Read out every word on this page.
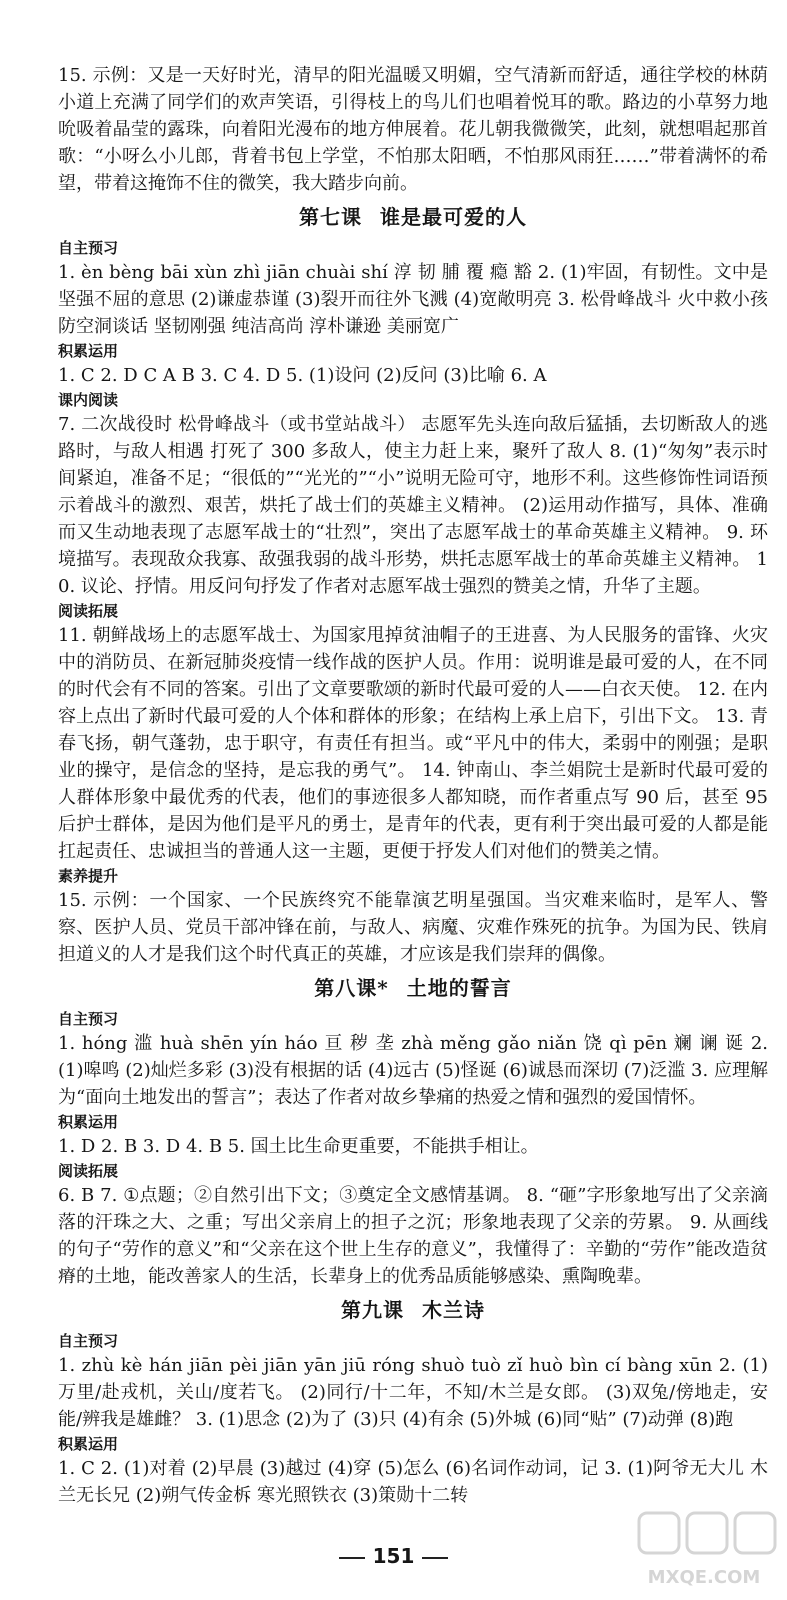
15. 示例：又是一天好时光，清早的阳光温暖又明媚，空气清新而舒适，通往学校的林荫小道上充满了同学们的欢声笑语，引得枝上的鸟儿们也唱着悦耳的歌。路边的小草努力地吮吸着晶莹的露珠，向着阳光漫布的地方伸展着。花儿朝我微微笑，此刻，就想唱起那首歌：“小呀么小儿郎，背着书包上学堂，不怕那太阳晒，不怕那风雨狂……”带着满怀的希望，带着这掩饰不住的微笑，我大踏步向前。

第七课 谁是最可爱的人

自主预习

1. èn bèng bāi xùn zhì jiān chuài shí 淳 韧 脯 覆 瘾 豁 2. (1)牢固，有韧性。文中是坚强不屈的意思 (2)谦虚恭谨 (3)裂开而往外飞溅 (4)宽敞明亮 3. 松骨峰战斗 火中救小孩 防空洞谈话 坚韧刚强 纯洁高尚 淳朴谦逊 美丽宽广

积累运用

1. C 2. D C A B 3. C 4. D 5. (1)设问 (2)反问 (3)比喻 6. A

课内阅读

7. 二次战役时 松骨峰战斗（或书堂站战斗） 志愿军先头连向敌后猛插，去切断敌人的逃路时，与敌人相遇 打死了 300 多敌人，使主力赶上来，聚歼了敌人 8. (1)“匆匆”表示时间紧迫，准备不足；“很低的”“光光的”“小”说明无险可守，地形不利。这些修饰性词语预示着战斗的激烈、艰苦，烘托了战士们的英雄主义精神。 (2)运用动作描写，具体、准确而又生动地表现了志愿军战士的“壮烈”，突出了志愿军战士的革命英雄主义精神。 9. 环境描写。表现敌众我寡、敌强我弱的战斗形势，烘托志愿军战士的革命英雄主义精神。 10. 议论、抒情。用反问句抒发了作者对志愿军战士强烈的赞美之情，升华了主题。

阅读拓展

11. 朝鲜战场上的志愿军战士、为国家甩掉贫油帽子的王进喜、为人民服务的雷锋、火灾中的消防员、在新冠肺炎疫情一线作战的医护人员。作用：说明谁是最可爱的人，在不同的时代会有不同的答案。引出了文章要歌颂的新时代最可爱的人——白衣天使。 12. 在内容上点出了新时代最可爱的人个体和群体的形象；在结构上承上启下，引出下文。 13. 青春飞扬，朝气蓬勃，忠于职守，有责任有担当。或“平凡中的伟大，柔弱中的刚强；是职业的操守，是信念的坚持，是忘我的勇气”。 14. 钟南山、李兰娟院士是新时代最可爱的人群体形象中最优秀的代表，他们的事迹很多人都知晓，而作者重点写 90 后，甚至 95 后护士群体，是因为他们是平凡的勇士，是青年的代表，更有利于突出最可爱的人都是能扛起责任、忠诚担当的普通人这一主题，更便于抒发人们对他们的赞美之情。

素养提升

15. 示例：一个国家、一个民族终究不能靠演艺明星强国。当灾难来临时，是军人、警察、医护人员、党员干部冲锋在前，与敌人、病魔、灾难作殊死的抗争。为国为民、铁肩担道义的人才是我们这个时代真正的英雄，才应该是我们崇拜的偶像。

第八课* 土地的誓言

自主预习

1. hóng 滥 huà shēn yín háo 亘 秽 垄 zhà měng gǎo niǎn 饶 qì pēn 斓 谰 诞 2. (1)嗥鸣 (2)灿烂多彩 (3)没有根据的话 (4)远古 (5)怪诞 (6)诚恳而深切 (7)泛滥 3. 应理解为“面向土地发出的誓言”；表达了作者对故乡挚痛的热爱之情和强烈的爱国情怀。

积累运用

1. D 2. B 3. D 4. B 5. 国土比生命更重要，不能拱手相让。

阅读拓展

6. B 7. ①点题；②自然引出下文；③奠定全文感情基调。 8. “砸”字形象地写出了父亲滴落的汗珠之大、之重；写出父亲肩上的担子之沉；形象地表现了父亲的劳累。 9. 从画线的句子“劳作的意义”和“父亲在这个世上生存的意义”，我懂得了：辛勤的“劳作”能改造贫瘠的土地，能改善家人的生活，长辈身上的优秀品质能够感染、熏陶晚辈。

第九课 木兰诗

自主预习

1. zhù kè hán jiān pèi jiān yān jiū róng shuò tuò zǐ huò bìn cí bàng xūn 2. (1)万里/赴戎机，关山/度若飞。 (2)同行/十二年，不知/木兰是女郎。 (3)双兔/傍地走，安能/辨我是雄雌？ 3. (1)思念 (2)为了 (3)只 (4)有余 (5)外城 (6)同“贴” (7)动弹 (8)跑

积累运用

1. C 2. (1)对着 (2)早晨 (3)越过 (4)穿 (5)怎么 (6)名词作动词，记 3. (1)阿爷无大儿 木兰无长兄 (2)朔气传金柝 寒光照铁衣 (3)策勋十二转

151
MXQE.COM
